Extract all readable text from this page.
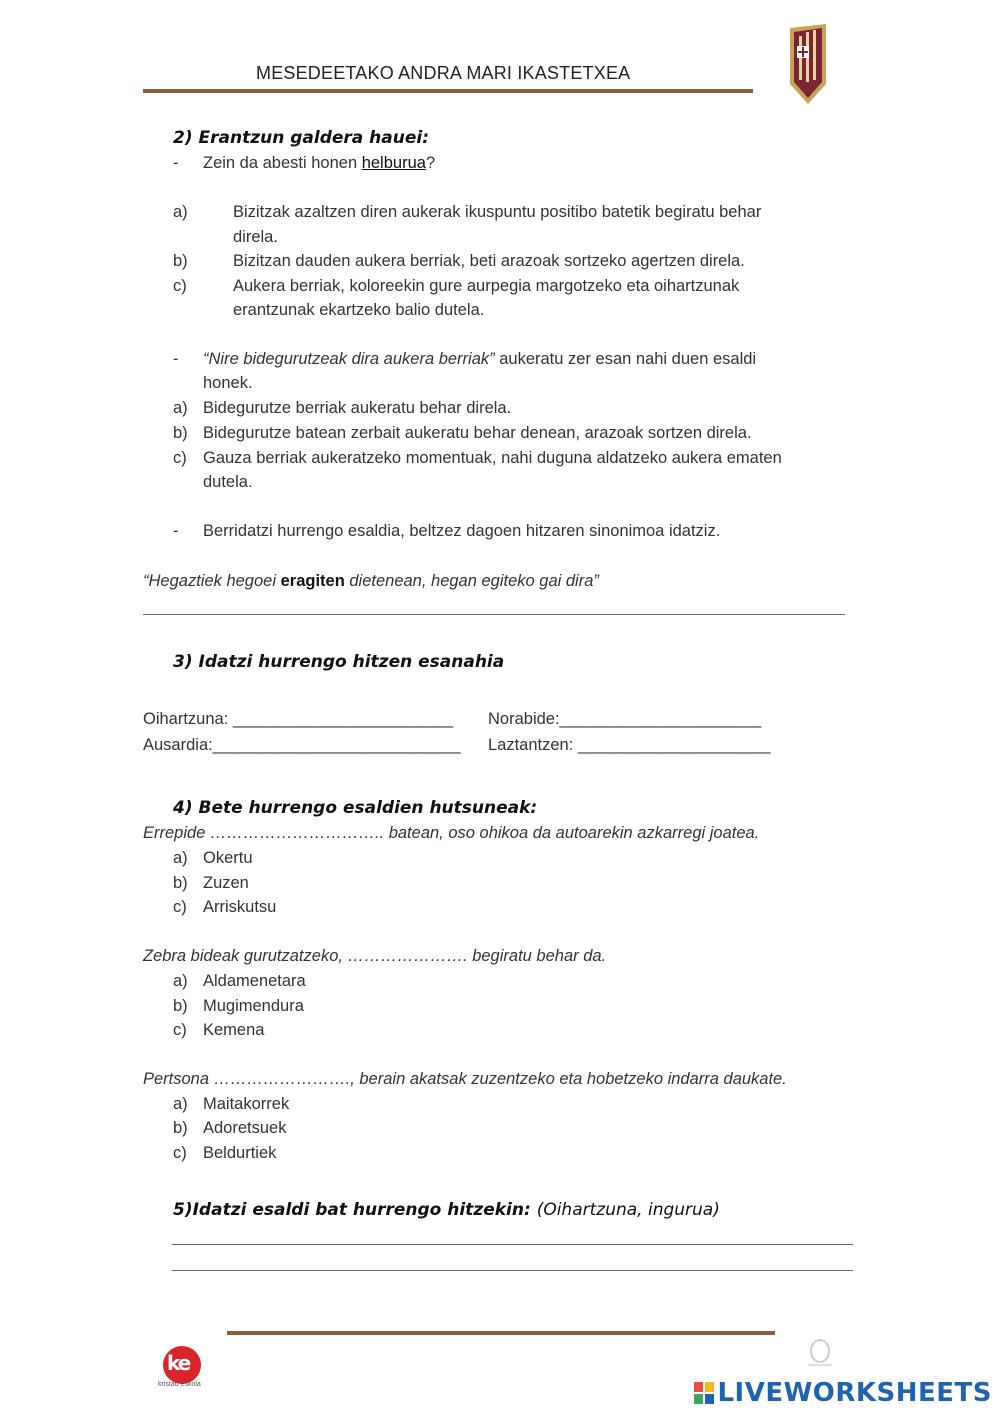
MESEDEETAKO ANDRA MARI IKASTETXEA
2) Erantzun galdera hauei:
- Zein da abesti honen helburua?
a)	Bizitzak azaltzen diren aukerak ikuspuntu positibo batetik begiratu behar
direla.
b)	Bizitzan dauden aukera berriak, beti arazoak sortzeko agertzen direla.
c)	Aukera berriak, koloreekin gure aurpegia margotzeko eta oihartzunak
erantzunak ekartzeko balio dutela.
- “Nire bidegurutzeak dira aukera berriak” aukeratu zer esan nahi duen esaldi
honek.
a) Bidegurutze berriak aukeratu behar direla.
b) Bidegurutze batean zerbait aukeratu behar denean, arazoak sortzen direla.
c) Gauza berriak aukeratzeko momentuak, nahi duguna aldatzeko aukera ematen
dutela.
- Berridatzi hurrengo esaldia, beltzez dagoen hitzaren sinonimoa idatziz.
“Hegaztiek hegoei eragiten dietenean, hegan egiteko gai dira”
3) Idatzi hurrengo hitzen esanahia
Oihartzuna: ________________________ Norabide:______________________
Ausardia:___________________________ Laztantzen: _____________________
4) Bete hurrengo esaldien hutsuneak:
Errepide ………………………….. batean, oso ohikoa da autoarekin azkarregi joatea.
a) Okertu
b) Zuzen
c) Arriskutsu
Zebra bideak gurutzatzeko, …………………. begiratu behar da.
a) Aldamenetara
b) Mugimendura
c) Kemena
Pertsona ……………………., berain akatsak zuzentzeko eta hobetzeko indarra daukate.
a) Maitakorrek
b) Adoretsuek
c) Beldurtiek
5)Idatzi esaldi bat hurrengo hitzekin: (Oihartzuna, ingurua)
ke
kristau eskola	LIVEWORKSHEETS
